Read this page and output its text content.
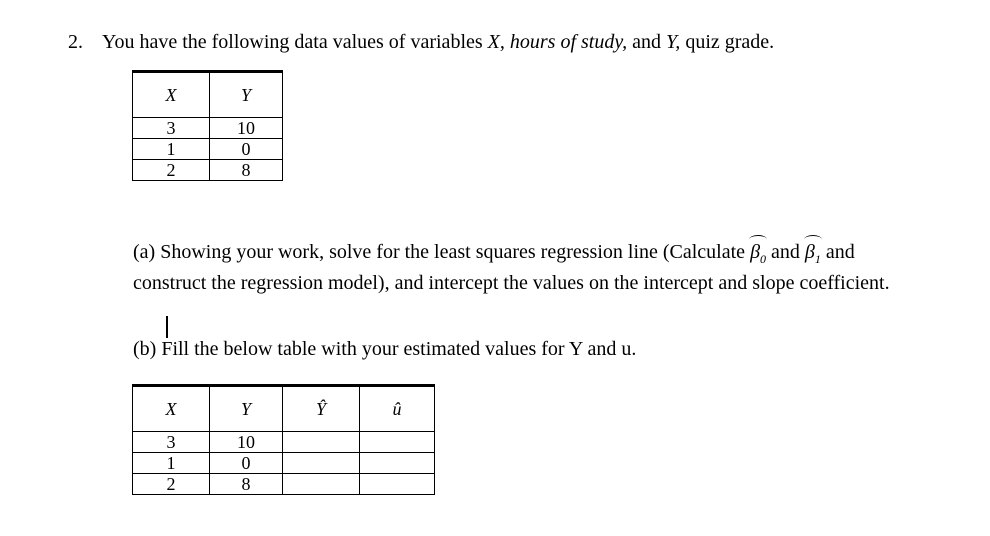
2. You have the following data values of variables X, hours of study, and Y, quiz grade.
X	Y
3	10
1	0
2	8
(a) Showing your work, solve for the least squares regression line (Calculate
$\beta_0$ and
$\beta_1$ and construct the regression model), and intercept the values on the intercept and slope coefficient.
(b) Fill the below table with your estimated values for Y and u.
X	Y	Ŷ	û
3	10		
1	0		
2	8		
